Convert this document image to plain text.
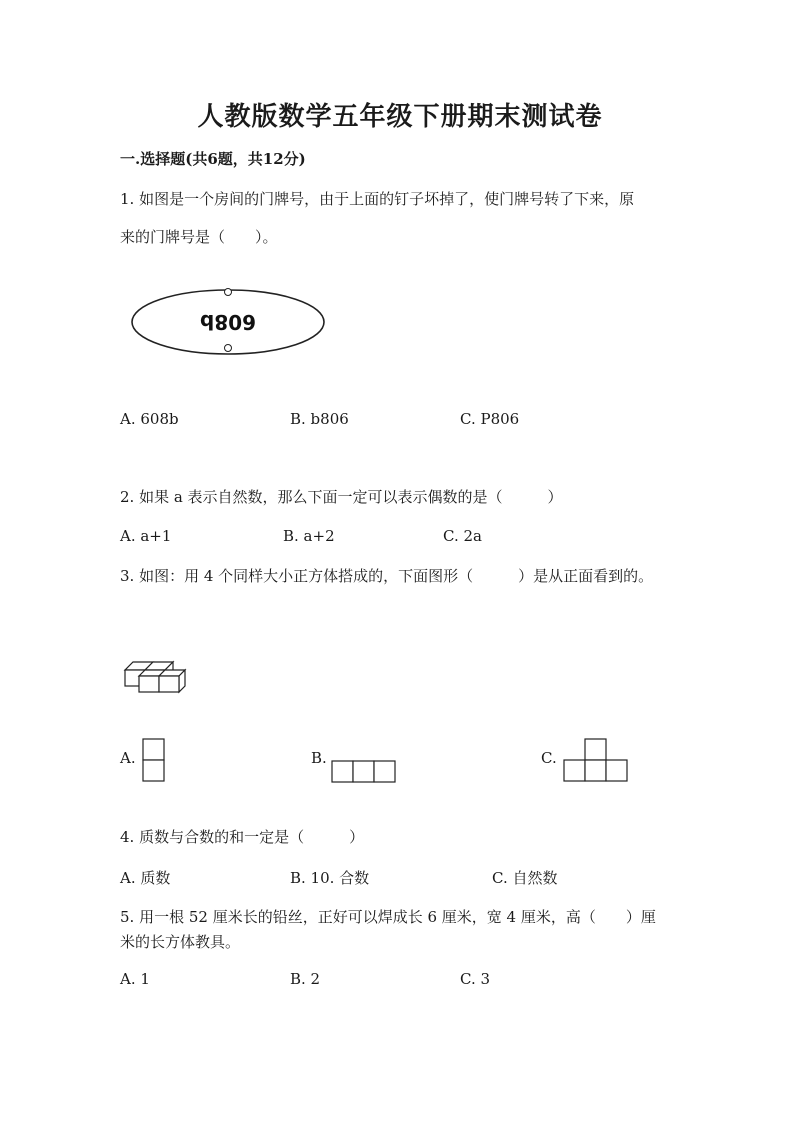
人教版数学五年级下册期末测试卷
一.选择题(共6题，共12分)
1. 如图是一个房间的门牌号，由于上面的钉子坏掉了，使门牌号转了下来，原
来的门牌号是（　　）。
608b
A. 608b	B. b806	C. P806
2. 如果 a 表示自然数，那么下面一定可以表示偶数的是（　　　）
A. a+1	B. a+2	C. 2a
3. 如图：用 4 个同样大小正方体搭成的，下面图形（　　　）是从正面看到的。
A.	B.	C.
4. 质数与合数的和一定是（　　　）
A. 质数	B. 10. 合数	C. 自然数
5. 用一根 52 厘米长的铅丝，正好可以焊成长 6 厘米，宽 4 厘米，高（　　）厘
米的长方体教具。
A. 1	B. 2	C. 3
